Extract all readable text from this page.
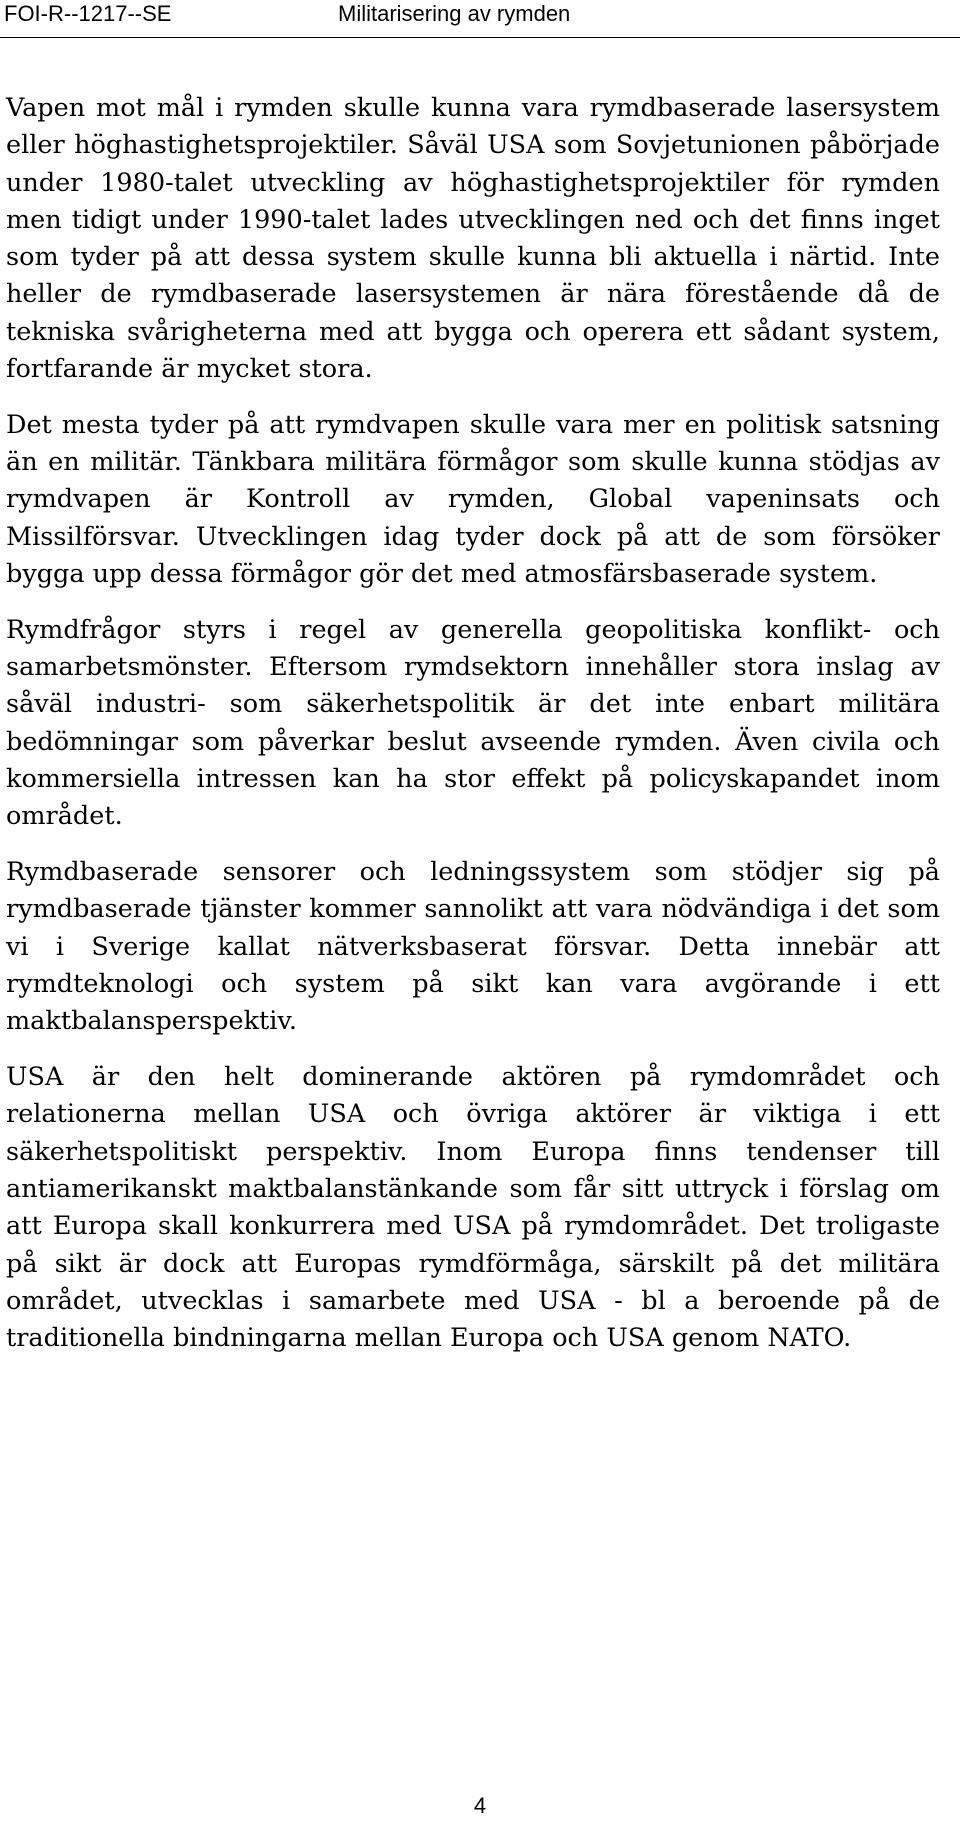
FOI-R--1217--SE	Militarisering av rymden

Vapen mot mål i rymden skulle kunna vara rymdbaserade lasersystem eller höghastighetsprojektiler. Såväl USA som Sovjetunionen påbörjade under 1980-talet utveckling av höghastighetsprojektiler för rymden men tidigt under 1990-talet lades utvecklingen ned och det finns inget som tyder på att dessa system skulle kunna bli aktuella i närtid. Inte heller de rymdbaserade lasersystemen är nära förestående då de tekniska svårigheterna med att bygga och operera ett sådant system, fortfarande är mycket stora.

Det mesta tyder på att rymdvapen skulle vara mer en politisk satsning än en militär. Tänkbara militära förmågor som skulle kunna stödjas av rymdvapen är Kontroll av rymden, Global vapeninsats och Missilförsvar. Utvecklingen idag tyder dock på att de som försöker bygga upp dessa förmågor gör det med atmosfärsbaserade system.

Rymdfrågor styrs i regel av generella geopolitiska konflikt- och samarbetsmönster. Eftersom rymdsektorn innehåller stora inslag av såväl industri- som säkerhetspolitik är det inte enbart militära bedömningar som påverkar beslut avseende rymden. Även civila och kommersiella intressen kan ha stor effekt på policyskapandet inom området.

Rymdbaserade sensorer och ledningssystem som stödjer sig på rymdbaserade tjänster kommer sannolikt att vara nödvändiga i det som vi i Sverige kallat nätverksbaserat försvar. Detta innebär att rymdteknologi och system på sikt kan vara avgörande i ett maktbalansperspektiv.

USA är den helt dominerande aktören på rymdområdet och relationerna mellan USA och övriga aktörer är viktiga i ett säkerhetspolitiskt perspektiv. Inom Europa finns tendenser till antiamerikanskt maktbalanstänkande som får sitt uttryck i förslag om att Europa skall konkurrera med USA på rymdområdet. Det troligaste på sikt är dock att Europas rymdförmåga, särskilt på det militära området, utvecklas i samarbete med USA - bl a beroende på de traditionella bindningarna mellan Europa och USA genom NATO.

4
